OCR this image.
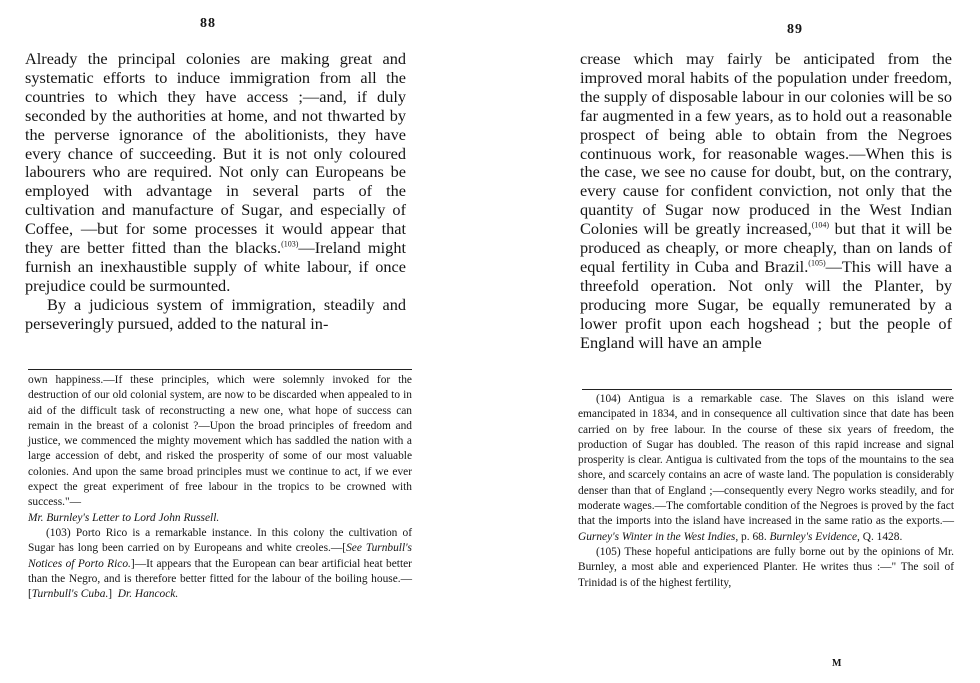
88

Already the principal colonies are making great and systematic efforts to induce immigration from all the countries to which they have access ;—and, if duly seconded by the authorities at home, and not thwarted by the perverse ignorance of the abolitionists, they have every chance of succeeding. But it is not only coloured labourers who are required. Not only can Europeans be employed with advantage in several parts of the cultivation and manufacture of Sugar, and especially of Coffee, —but for some processes it would appear that they are better fitted than the blacks.$^{(103)}$—Ireland might furnish an inexhaustible supply of white labour, if once prejudice could be surmounted.

By a judicious system of immigration, steadily and perseveringly pursued, added to the natural in-

own happiness.—If these principles, which were solemnly invoked for the destruction of our old colonial system, are now to be discarded when appealed to in aid of the difficult task of reconstructing a new one, what hope of success can remain in the breast of a colonist ?—Upon the broad principles of freedom and justice, we commenced the mighty movement which has saddled the nation with a large accession of debt, and risked the prosperity of some of our most valuable colonies. And upon the same broad principles must we continue to act, if we ever expect the great experiment of free labour in the tropics to be crowned with success."—
Mr. Burnley's Letter to Lord John Russell.

(103) Porto Rico is a remarkable instance. In this colony the cultivation of Sugar has long been carried on by Europeans and white creoles.—[See Turnbull's Notices of Porto Rico.]—It appears that the European can bear artificial heat better than the Negro, and is therefore better fitted for the labour of the boiling house.—[Turnbull's Cuba.] Dr. Hancock.

89

crease which may fairly be anticipated from the improved moral habits of the population under freedom, the supply of disposable labour in our colonies will be so far augmented in a few years, as to hold out a reasonable prospect of being able to obtain from the Negroes continuous work, for reasonable wages.—When this is the case, we see no cause for doubt, but, on the contrary, every cause for confident conviction, not only that the quantity of Sugar now produced in the West Indian Colonies will be greatly increased,$^{(104)}$ but that it will be produced as cheaply, or more cheaply, than on lands of equal fertility in Cuba and Brazil.$^{(105)}$—This will have a threefold operation. Not only will the Planter, by producing more Sugar, be equally remunerated by a lower profit upon each hogshead ; but the people of England will have an ample

(104) Antigua is a remarkable case. The Slaves on this island were emancipated in 1834, and in consequence all cultivation since that date has been carried on by free labour. In the course of these six years of freedom, the production of Sugar has doubled. The reason of this rapid increase and signal prosperity is clear. Antigua is cultivated from the tops of the mountains to the sea shore, and scarcely contains an acre of waste land. The population is considerably denser than that of England ;—consequently every Negro works steadily, and for moderate wages.—The comfortable condition of the Negroes is proved by the fact that the imports into the island have increased in the same ratio as the exports.—Gurney's Winter in the West Indies, p. 68. Burnley's Evidence, Q. 1428.

(105) These hopeful anticipations are fully borne out by the opinions of Mr. Burnley, a most able and experienced Planter. He writes thus :—" The soil of Trinidad is of the highest fertility,

M
